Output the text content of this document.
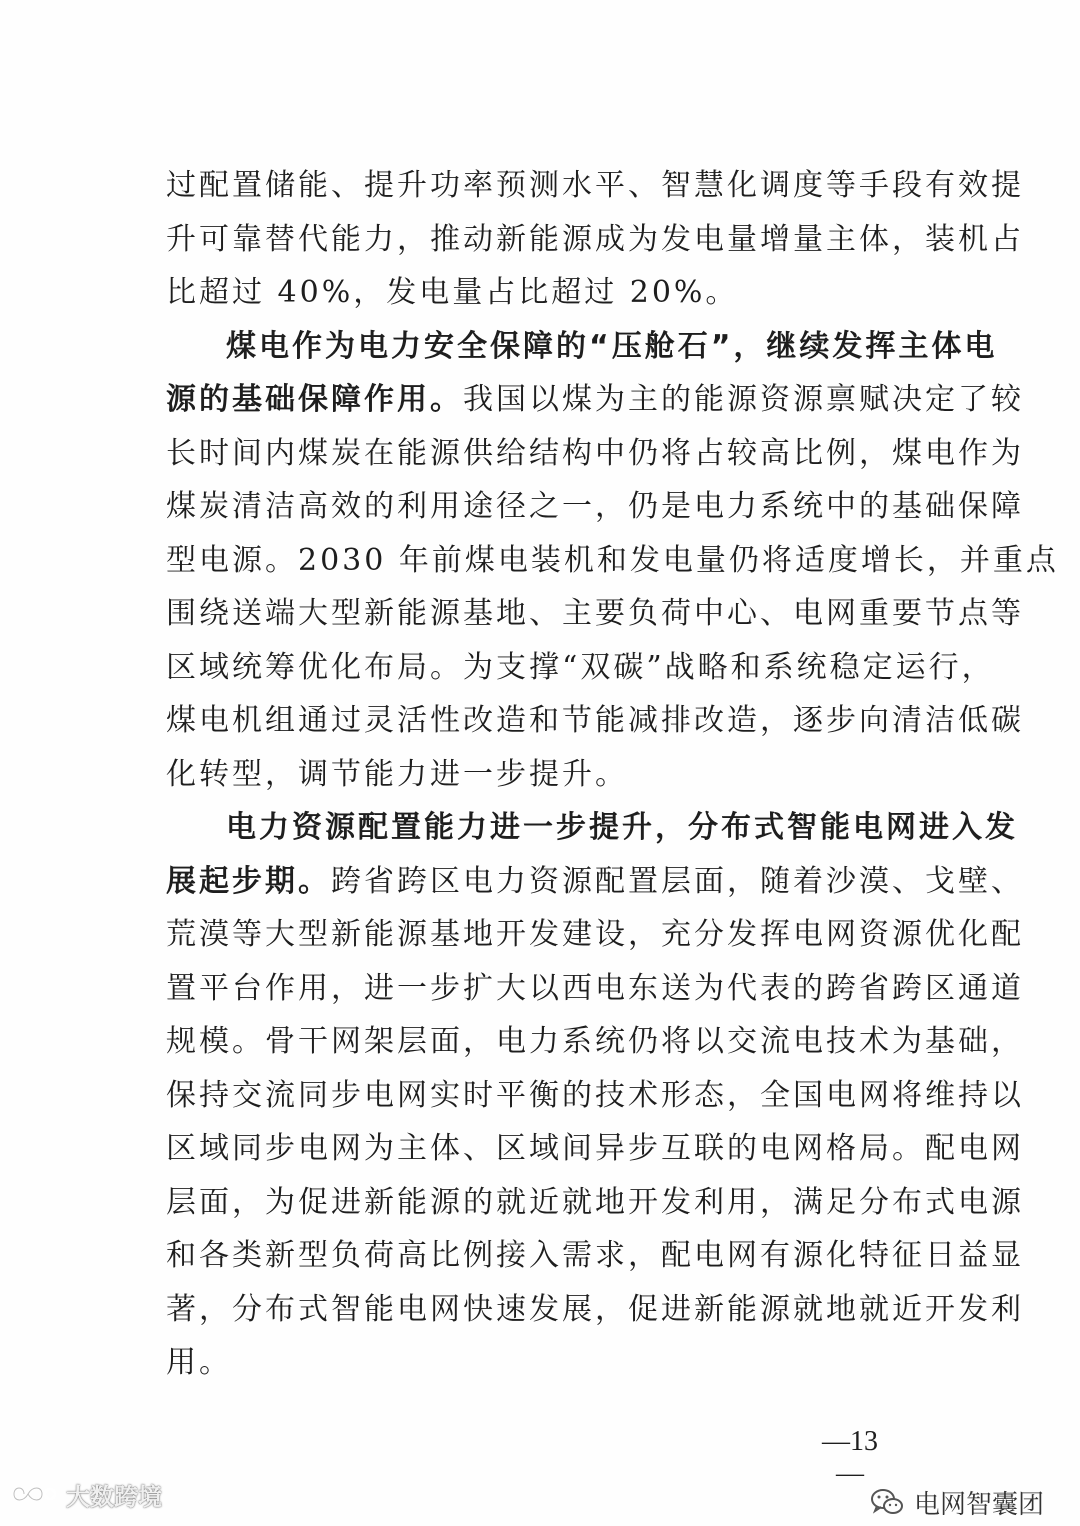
过配置储能、提升功率预测水平、智慧化调度等手段有效提
升可靠替代能力，推动新能源成为发电量增量主体，装机占
比超过 40%，发电量占比超过 20%。
煤电作为电力安全保障的“压舱石”，继续发挥主体电
源的基础保障作用。我国以煤为主的能源资源禀赋决定了较
长时间内煤炭在能源供给结构中仍将占较高比例，煤电作为
煤炭清洁高效的利用途径之一，仍是电力系统中的基础保障
型电源。2030 年前煤电装机和发电量仍将适度增长，并重点
围绕送端大型新能源基地、主要负荷中心、电网重要节点等
区域统筹优化布局。为支撑“双碳”战略和系统稳定运行，
煤电机组通过灵活性改造和节能减排改造，逐步向清洁低碳
化转型，调节能力进一步提升。
电力资源配置能力进一步提升，分布式智能电网进入发
展起步期。跨省跨区电力资源配置层面，随着沙漠、戈壁、
荒漠等大型新能源基地开发建设，充分发挥电网资源优化配
置平台作用，进一步扩大以西电东送为代表的跨省跨区通道
规模。骨干网架层面，电力系统仍将以交流电技术为基础，
保持交流同步电网实时平衡的技术形态，全国电网将维持以
区域同步电网为主体、区域间异步互联的电网格局。配电网
层面，为促进新能源的就近就地开发利用，满足分布式电源
和各类新型负荷高比例接入需求，配电网有源化特征日益显
著，分布式智能电网快速发展，促进新能源就地就近开发利
用。
—13—
大数跨境	电网智囊团
